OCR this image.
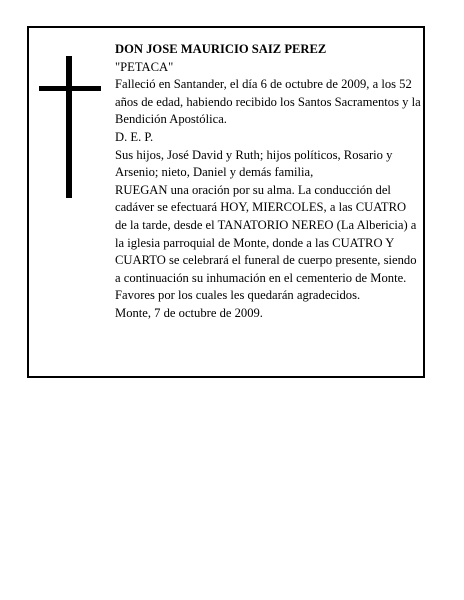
DON JOSE MAURICIO SAIZ PEREZ

"PETACA"

Falleció en Santander, el día 6 de octubre de 2009, a los 52 años de edad, habiendo recibido los Santos Sacramentos y la Bendición Apostólica.

D. E. P.

Sus hijos, José David y Ruth; hijos políticos, Rosario y Arsenio; nieto, Daniel y demás familia,

RUEGAN una oración por su alma. La conducción del cadáver se efectuará HOY, MIERCOLES, a las CUATRO de la tarde, desde el TANATORIO NEREO (La Albericia) a la iglesia parroquial de Monte, donde a las CUATRO Y CUARTO se celebrará el funeral de cuerpo presente, siendo a continuación su inhumación en el cementerio de Monte. Favores por los cuales les quedarán agradecidos.

Monte, 7 de octubre de 2009.
